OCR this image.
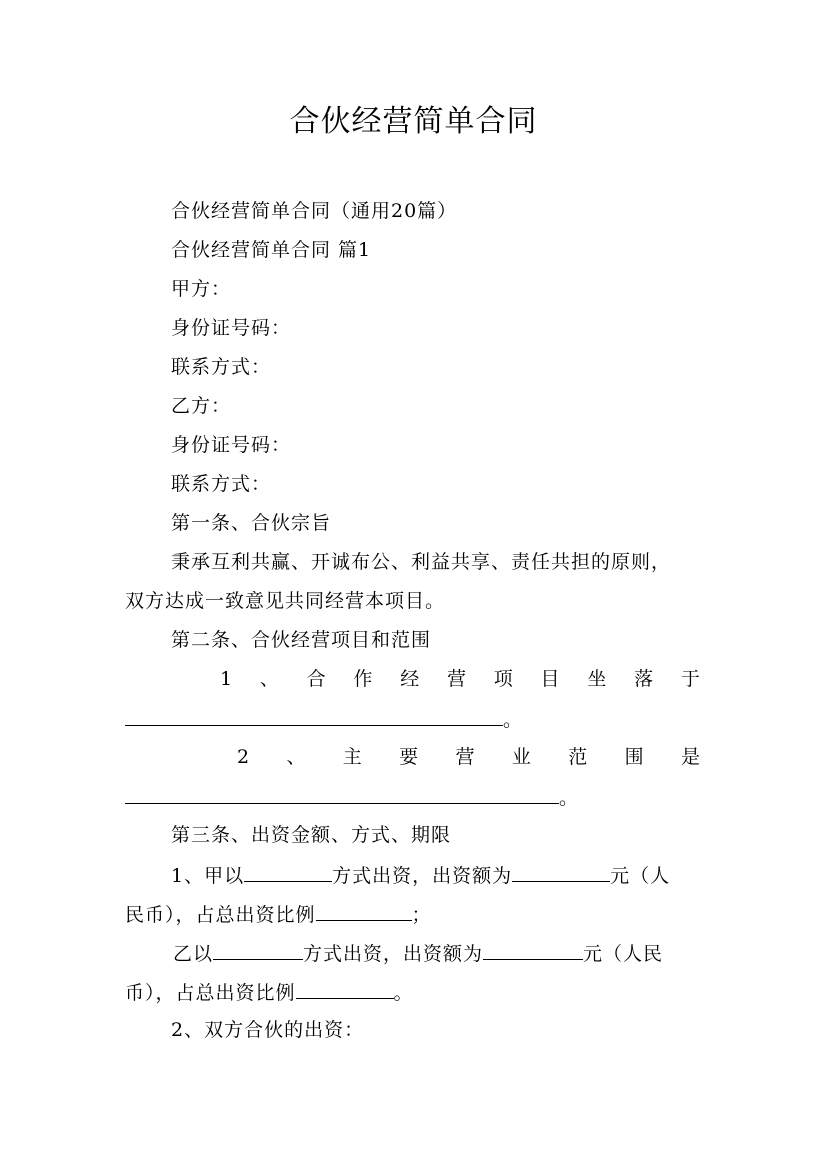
合伙经营简单合同
合伙经营简单合同（通用20篇）
合伙经营简单合同 篇1
甲方：
身份证号码：
联系方式：
乙方：
身份证号码：
联系方式：
第一条、合伙宗旨
秉承互利共赢、开诚布公、利益共享、责任共担的原则，
双方达成一致意见共同经营本项目。
第二条、合伙经营项目和范围
1 、 合 作 经 营 项 目 坐 落 于
。
2 、 主 要 营 业 范 围 是
。
第三条、出资金额、方式、期限
1、甲以	方式出资，出资额为	元（人
民币），占总出资比例	；
乙以	方式出资，出资额为	元（人民
币），占总出资比例	。
2、双方合伙的出资：
